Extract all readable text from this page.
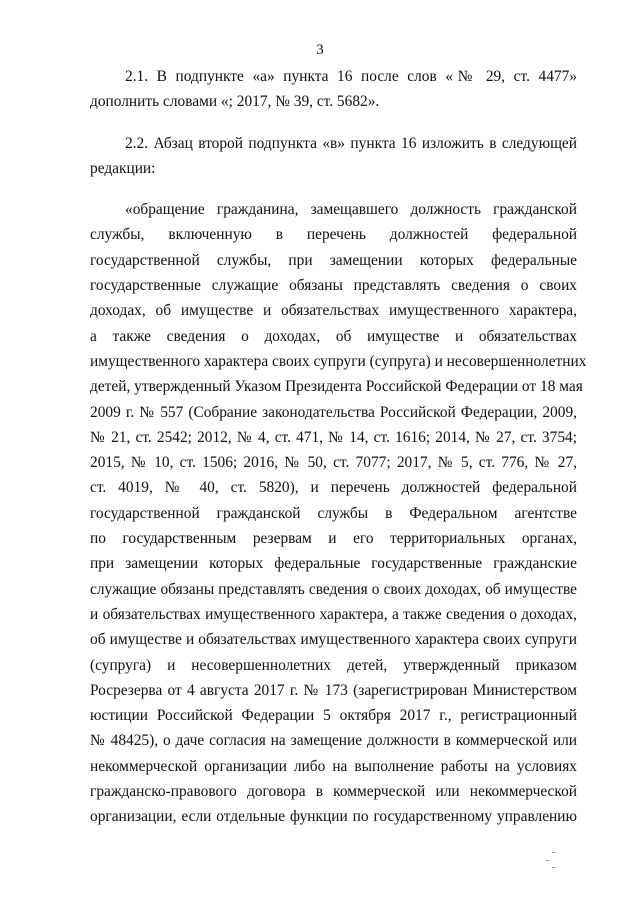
3
2.1. В подпункте «а» пункта 16 после слов «№ 29, ст. 4477»
дополнить словами «; 2017, № 39, ст. 5682».
2.2. Абзац второй подпункта «в» пункта 16 изложить в следующей
редакции:
«обращение гражданина, замещавшего должность гражданской
службы, включенную в перечень должностей федеральной
государственной службы, при замещении которых федеральные
государственные служащие обязаны представлять сведения о своих
доходах, об имуществе и обязательствах имущественного характера,
а также сведения о доходах, об имуществе и обязательствах
имущественного характера своих супруги (супруга) и несовершеннолетних
детей, утвержденный Указом Президента Российской Федерации от 18 мая
2009 г. № 557 (Собрание законодательства Российской Федерации, 2009,
№ 21, ст. 2542; 2012, № 4, ст. 471, № 14, ст. 1616; 2014, № 27, ст. 3754;
2015, № 10, ст. 1506; 2016, № 50, ст. 7077; 2017, № 5, ст. 776, № 27,
ст. 4019, № 40, ст. 5820), и перечень должностей федеральной
государственной гражданской службы в Федеральном агентстве
по государственным резервам и его территориальных органах,
при замещении которых федеральные государственные гражданские
служащие обязаны представлять сведения о своих доходах, об имуществе
и обязательствах имущественного характера, а также сведения о доходах,
об имуществе и обязательствах имущественного характера своих супруги
(супруга) и несовершеннолетних детей, утвержденный приказом
Росрезерва от 4 августа 2017 г. № 173 (зарегистрирован Министерством
юстиции Российской Федерации 5 октября 2017 г., регистрационный
№ 48425), о даче согласия на замещение должности в коммерческой или
некоммерческой организации либо на выполнение работы на условиях
гражданско-правового договора в коммерческой или некоммерческой
организации, если отдельные функции по государственному управлению
